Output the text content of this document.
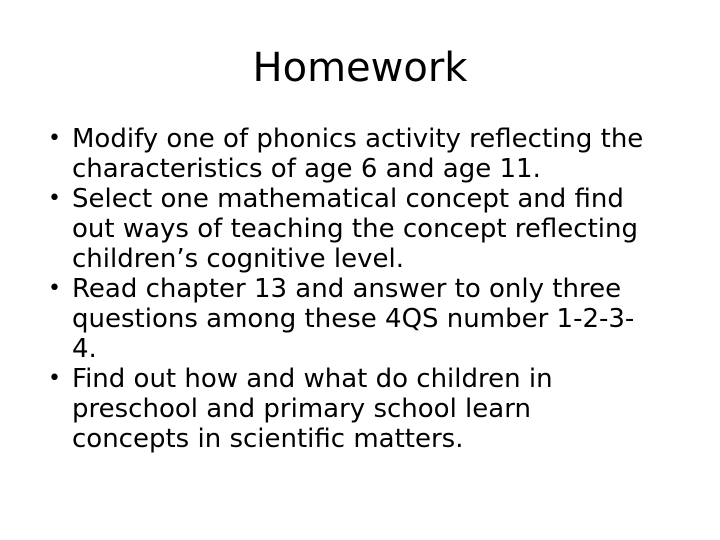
Homework
• Modify one of phonics activity reflecting the
characteristics of age 6 and age 11.
• Select one mathematical concept and find
out ways of teaching the concept reflecting
children’s cognitive level.
• Read chapter 13 and answer to only three
questions among these 4QS number 1-2-3-
4.
• Find out how and what do children in
preschool and primary school learn
concepts in scientific matters.
